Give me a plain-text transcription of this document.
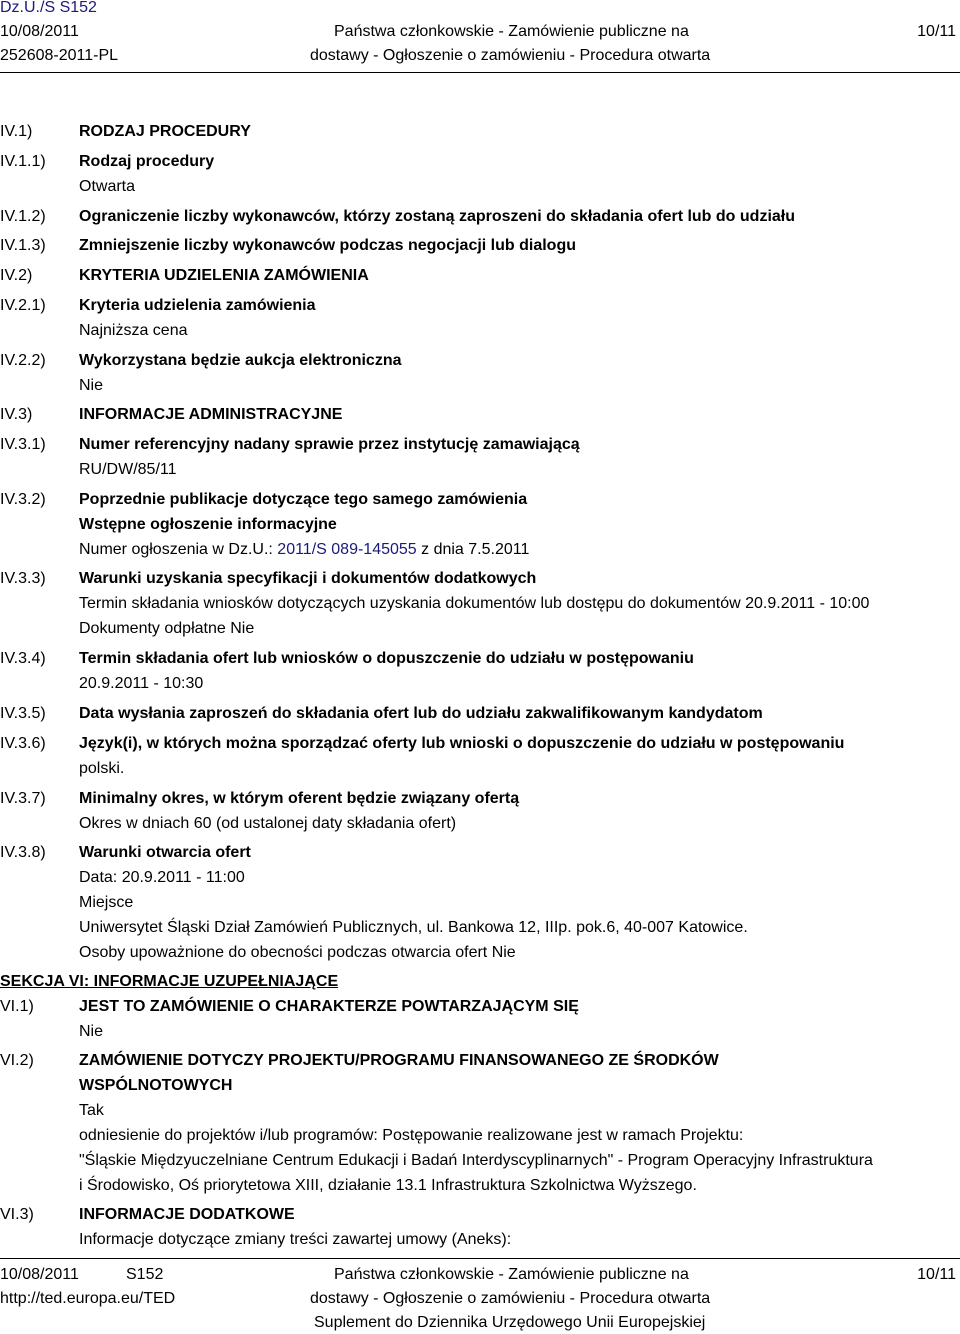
Dz.U./S S152
10/08/2011
252608-2011-PL
Państwa członkowskie - Zamówienie publiczne na
dostawy - Ogłoszenie o zamówieniu - Procedura otwarta
10/11
IV.1)	RODZAJ PROCEDURY
IV.1.1)	Rodzaj procedury
Otwarta
IV.1.2)	Ograniczenie liczby wykonawców, którzy zostaną zaproszeni do składania ofert lub do udziału
IV.1.3)	Zmniejszenie liczby wykonawców podczas negocjacji lub dialogu
IV.2)	KRYTERIA UDZIELENIA ZAMÓWIENIA
IV.2.1)	Kryteria udzielenia zamówienia
Najniższa cena
IV.2.2)	Wykorzystana będzie aukcja elektroniczna
Nie
IV.3)	INFORMACJE ADMINISTRACYJNE
IV.3.1)	Numer referencyjny nadany sprawie przez instytucję zamawiającą
RU/DW/85/11
IV.3.2)	Poprzednie publikacje dotyczące tego samego zamówienia
Wstępne ogłoszenie informacyjne
Numer ogłoszenia w Dz.U.: 2011/S 089-145055 z dnia 7.5.2011
IV.3.3)	Warunki uzyskania specyfikacji i dokumentów dodatkowych
Termin składania wniosków dotyczących uzyskania dokumentów lub dostępu do dokumentów 20.9.2011 - 10:00
Dokumenty odpłatne Nie
IV.3.4)	Termin składania ofert lub wniosków o dopuszczenie do udziału w postępowaniu
20.9.2011 - 10:30
IV.3.5)	Data wysłania zaproszeń do składania ofert lub do udziału zakwalifikowanym kandydatom
IV.3.6)	Język(i), w których można sporządzać oferty lub wnioski o dopuszczenie do udziału w postępowaniu
polski.
IV.3.7)	Minimalny okres, w którym oferent będzie związany ofertą
Okres w dniach 60 (od ustalonej daty składania ofert)
IV.3.8)	Warunki otwarcia ofert
Data: 20.9.2011 - 11:00
Miejsce
Uniwersytet Śląski Dział Zamówień Publicznych, ul. Bankowa 12, IIIp. pok.6, 40-007 Katowice.
Osoby upoważnione do obecności podczas otwarcia ofert Nie
SEKCJA VI: INFORMACJE UZUPEŁNIAJĄCE
VI.1)	JEST TO ZAMÓWIENIE O CHARAKTERZE POWTARZAJĄCYM SIĘ
Nie
VI.2)	ZAMÓWIENIE DOTYCZY PROJEKTU/PROGRAMU FINANSOWANEGO ZE ŚRODKÓW
WSPÓLNOTOWYCH
Tak
odniesienie do projektów i/lub programów: Postępowanie realizowane jest w ramach Projektu:
"Śląskie Międzyuczelniane Centrum Edukacji i Badań Interdyscyplinarnych" - Program Operacyjny Infrastruktura
i Środowisko, Oś priorytetowa XIII, działanie 13.1 Infrastruktura Szkolnictwa Wyższego.
VI.3)	INFORMACJE DODATKOWE
Informacje dotyczące zmiany treści zawartej umowy (Aneks):
10/08/2011	S152
http://ted.europa.eu/TED
Państwa członkowskie - Zamówienie publiczne na
dostawy - Ogłoszenie o zamówieniu - Procedura otwarta
Suplement do Dziennika Urzędowego Unii Europejskiej
10/11
